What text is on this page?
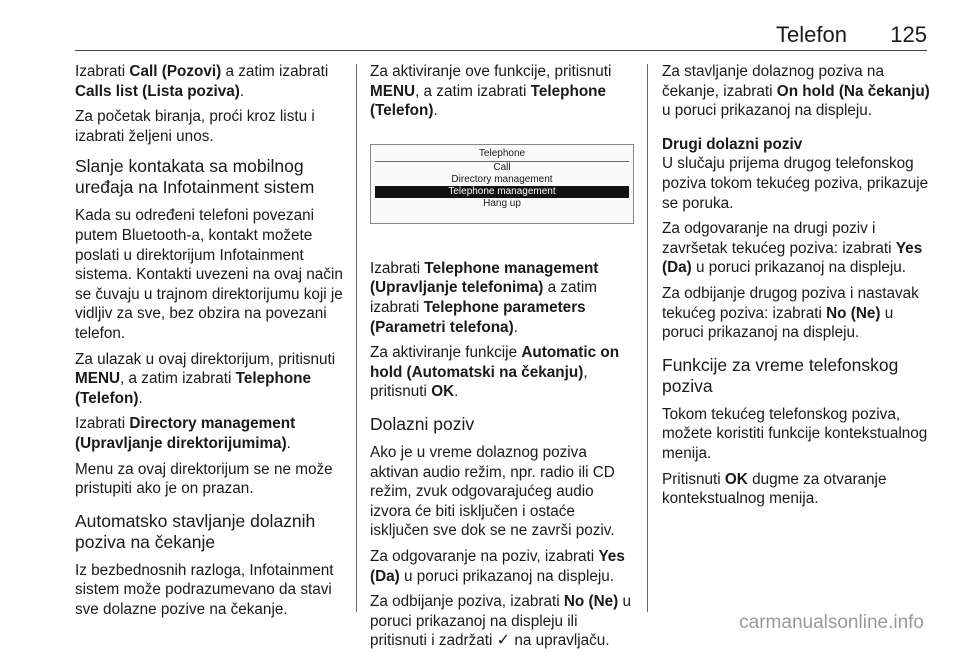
Telefon 125

Izabrati Call (Pozovi) a zatim izabrati Calls list (Lista poziva).

Za početak biranja, proći kroz listu i izabrati željeni unos.

Slanje kontakata sa mobilnog uređaja na Infotainment sistem

Kada su određeni telefoni povezani putem Bluetooth-a, kontakt možete poslati u direktorijum Infotainment sistema. Kontakti uvezeni na ovaj način se čuvaju u trajnom direktorijumu koji je vidljiv za sve, bez obzira na povezani telefon.

Za ulazak u ovaj direktorijum, pritisnuti MENU, a zatim izabrati Telephone (Telefon).

Izabrati Directory management (Upravljanje direktorijumima).

Menu za ovaj direktorijum se ne može pristupiti ako je on prazan.

Automatsko stavljanje dolaznih poziva na čekanje

Iz bezbednosnih razloga, Infotainment sistem može podrazumevano da stavi sve dolazne pozive na čekanje.

Za aktiviranje ove funkcije, pritisnuti MENU, a zatim izabrati Telephone (Telefon).

Telephone
Call
Directory management
Telephone management
Hang up

Izabrati Telephone management (Upravljanje telefonima) a zatim izabrati Telephone parameters (Parametri telefona).

Za aktiviranje funkcije Automatic on hold (Automatski na čekanju), pritisnuti OK.

Dolazni poziv

Ako je u vreme dolaznog poziva aktivan audio režim, npr. radio ili CD režim, zvuk odgovarajućeg audio izvora će biti isključen i ostaće isključen sve dok se ne završi poziv.

Za odgovaranje na poziv, izabrati Yes (Da) u poruci prikazanoj na displeju.

Za odbijanje poziva, izabrati No (Ne) u poruci prikazanoj na displeju ili pritisnuti i zadržati ✓ na upravljaču.

Za stavljanje dolaznog poziva na čekanje, izabrati On hold (Na čekanju) u poruci prikazanoj na displeju.

Drugi dolazni poziv

U slučaju prijema drugog telefonskog poziva tokom tekućeg poziva, prikazuje se poruka.

Za odgovaranje na drugi poziv i završetak tekućeg poziva: izabrati Yes (Da) u poruci prikazanoj na displeju.

Za odbijanje drugog poziva i nastavak tekućeg poziva: izabrati No (Ne) u poruci prikazanoj na displeju.

Funkcije za vreme telefonskog poziva

Tokom tekućeg telefonskog poziva, možete koristiti funkcije kontekstualnog menija.

Pritisnuti OK dugme za otvaranje kontekstualnog menija.

carmanualsonline.info
